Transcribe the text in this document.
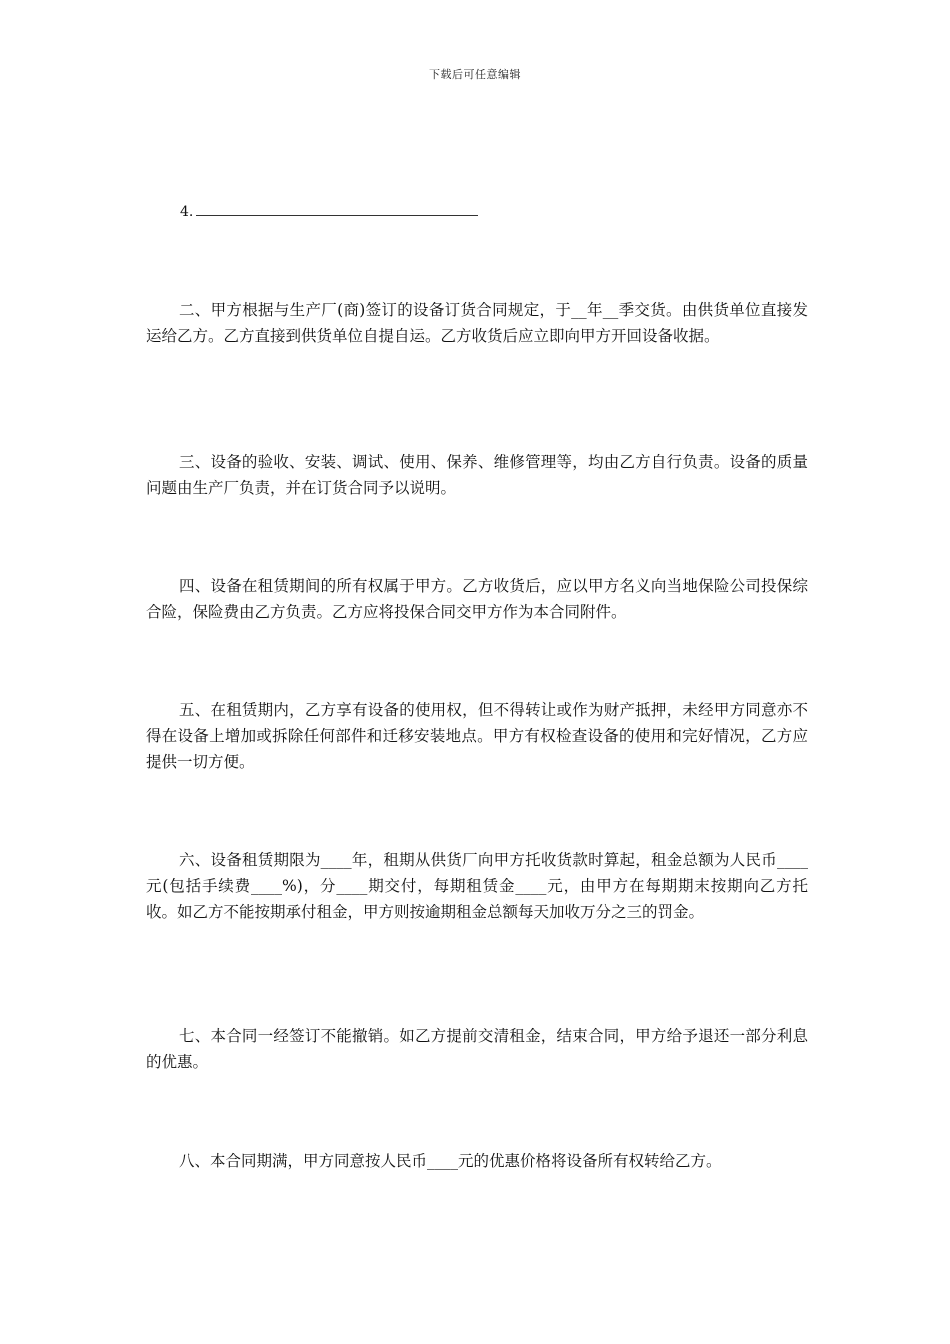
下载后可任意编辑
4.

二、甲方根据与生产厂(商)签订的设备订货合同规定，于__年__季交货。由供货单位直接发运给乙方。乙方直接到供货单位自提自运。乙方收货后应立即向甲方开回设备收据。

三、设备的验收、安装、调试、使用、保养、维修管理等，均由乙方自行负责。设备的质量问题由生产厂负责，并在订货合同予以说明。

四、设备在租赁期间的所有权属于甲方。乙方收货后，应以甲方名义向当地保险公司投保综合险，保险费由乙方负责。乙方应将投保合同交甲方作为本合同附件。

五、在租赁期内，乙方享有设备的使用权，但不得转让或作为财产抵押，未经甲方同意亦不得在设备上增加或拆除任何部件和迁移安装地点。甲方有权检查设备的使用和完好情况，乙方应提供一切方便。

六、设备租赁期限为____年，租期从供货厂向甲方托收货款时算起，租金总额为人民币____元(包括手续费____%)，分____期交付，每期租赁金____元，由甲方在每期期末按期向乙方托收。如乙方不能按期承付租金，甲方则按逾期租金总额每天加收万分之三的罚金。

七、本合同一经签订不能撤销。如乙方提前交清租金，结束合同，甲方给予退还一部分利息的优惠。

八、本合同期满，甲方同意按人民币____元的优惠价格将设备所有权转给乙方。
